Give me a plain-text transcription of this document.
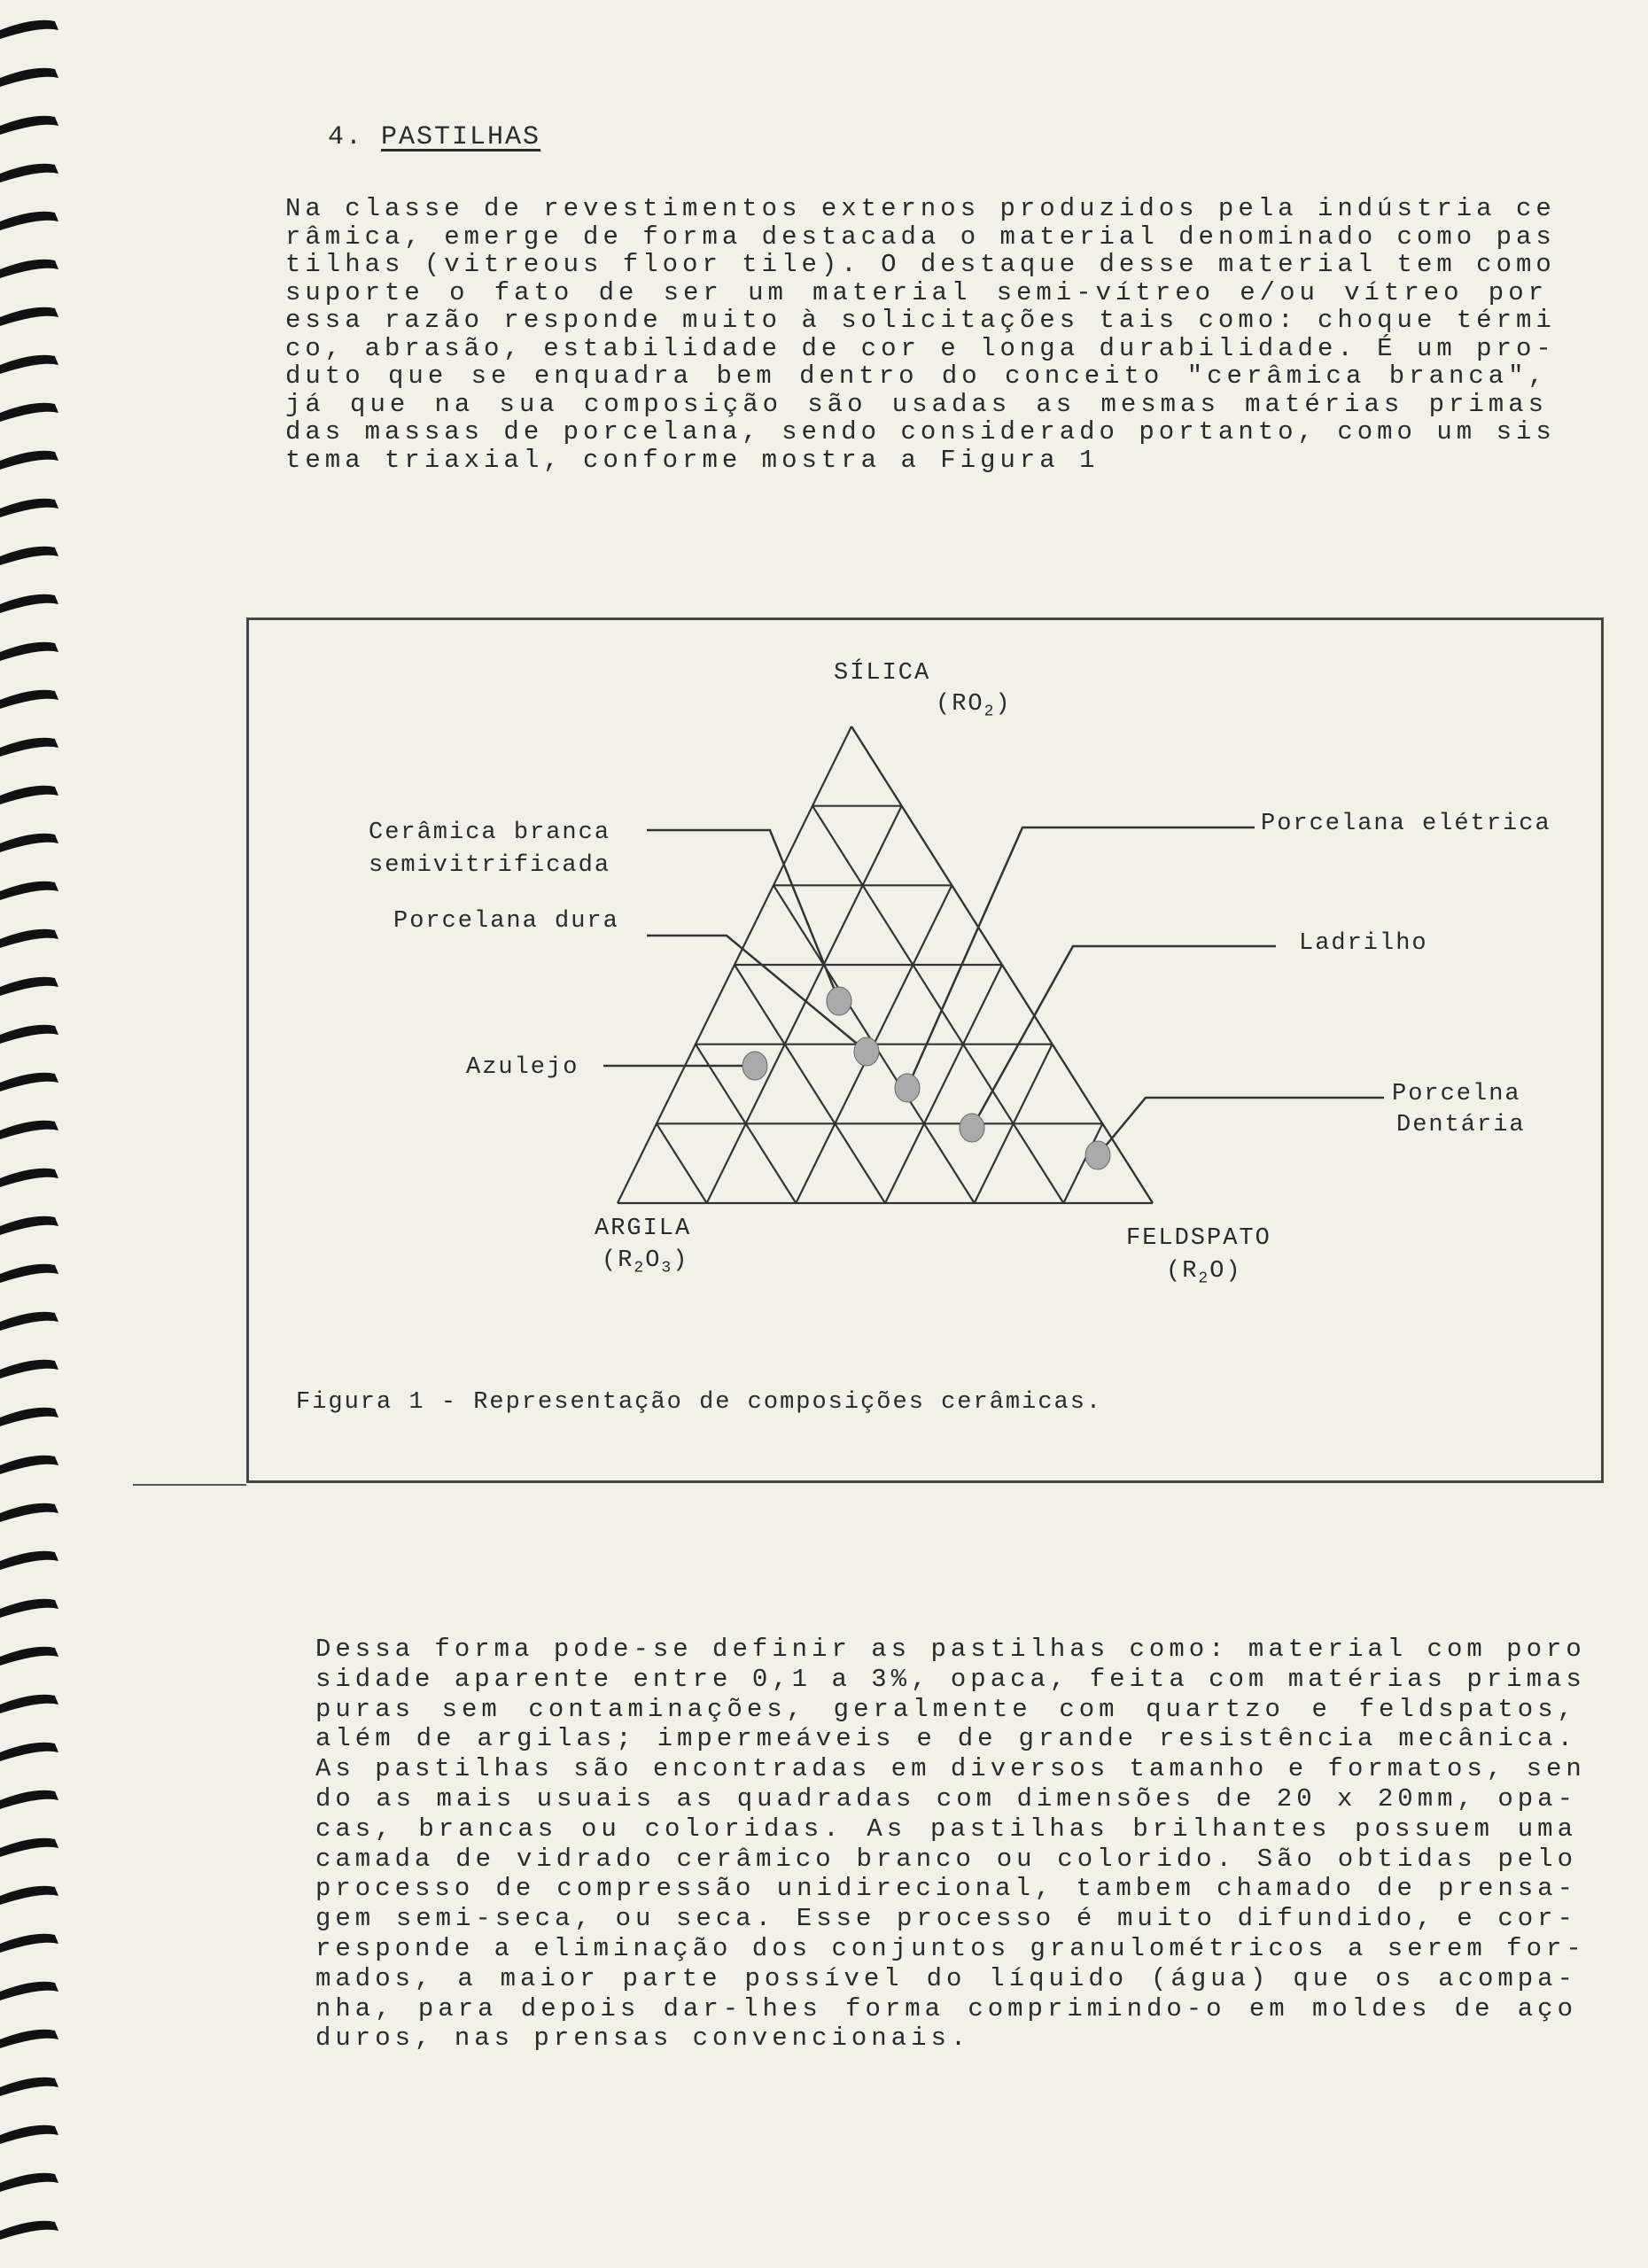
4. PASTILHAS
Na classe de revestimentos externos produzidos pela indústria ce
râmica, emerge de forma destacada o material denominado como pas
tilhas (vitreous floor tile). O destaque desse material tem como
suporte o fato de ser um material semi-vítreo e/ou vítreo por
essa razão responde muito à solicitações tais como: choque térmi
co, abrasão, estabilidade de cor e longa durabilidade. É um pro-
duto que se enquadra bem dentro do conceito "cerâmica branca",
já que na sua composição são usadas as mesmas matérias primas
das massas de porcelana, sendo considerado portanto, como um sis
tema triaxial, conforme mostra a Figura 1
SÍLICA
$(RO_2)$
Cerâmica branca
semivitrificada
Porcelana dura
Azulejo
Porcelana elétrica
Ladrilho
Porcelna
Dentária
ARGILA
$(R_2O_3)$
FELDSPATO
$(R_2O)$
Figura 1 - Representação de composições cerâmicas.
Dessa forma pode-se definir as pastilhas como: material com poro
sidade aparente entre 0,1 a 3%, opaca, feita com matérias primas
puras sem contaminações, geralmente com quartzo e feldspatos,
além de argilas; impermeáveis e de grande resistência mecânica.
As pastilhas são encontradas em diversos tamanho e formatos, sen
do as mais usuais as quadradas com dimensões de 20 x 20mm, opa-
cas, brancas ou coloridas. As pastilhas brilhantes possuem uma
camada de vidrado cerâmico branco ou colorido. São obtidas pelo
processo de compressão unidirecional, tambem chamado de prensa-
gem semi-seca, ou seca. Esse processo é muito difundido, e cor-
responde a eliminação dos conjuntos granulométricos a serem for-
mados, a maior parte possível do líquido (água) que os acompa-
nha, para depois dar-lhes forma comprimindo-o em moldes de aço
duros, nas prensas convencionais.
